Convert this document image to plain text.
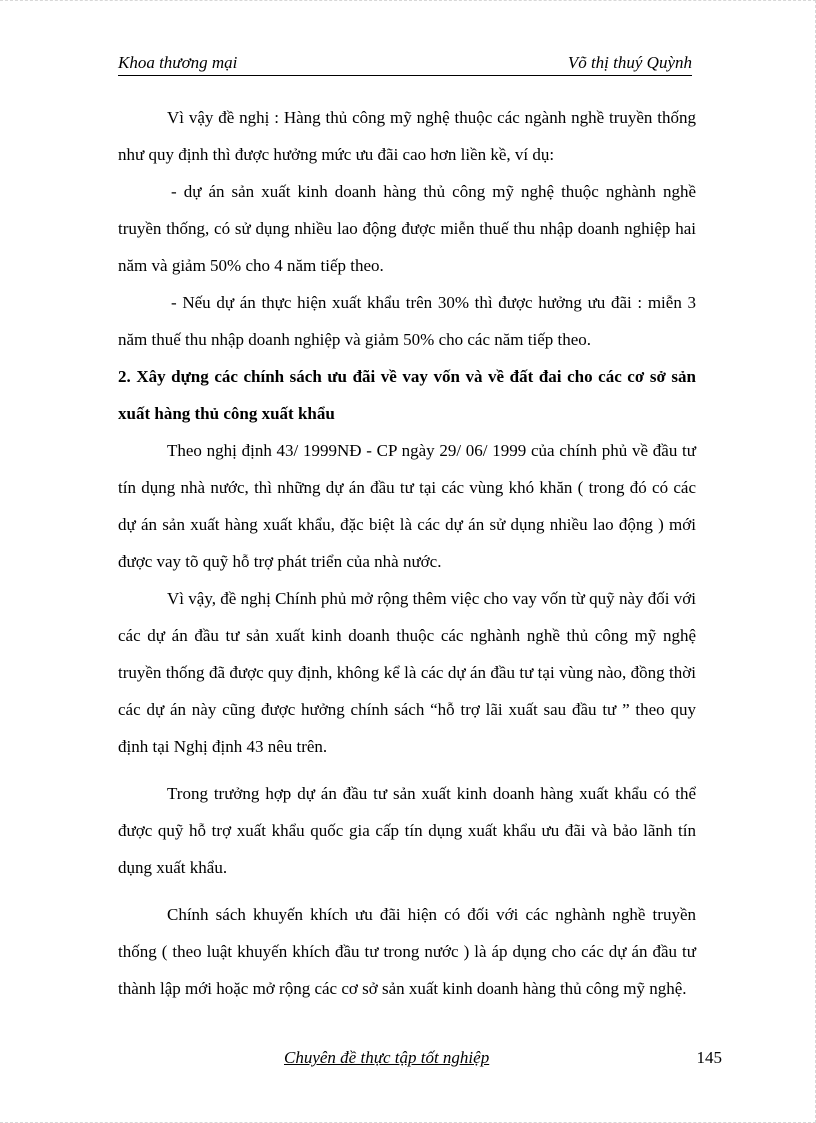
Khoa thương mại	Võ thị thuý Quỳnh

Vì vậy đề nghị : Hàng thủ công mỹ nghệ thuộc các ngành nghề truyền thống như quy định thì được hưởng mức ưu đãi cao hơn liền kề, ví dụ:

- dự án sản xuất kinh doanh hàng thủ công mỹ nghệ thuộc nghành nghề truyền thống, có sử dụng nhiều lao động được miễn thuế thu nhập doanh nghiệp hai năm và giảm 50% cho 4 năm tiếp theo.

- Nếu dự án thực hiện xuất khẩu trên 30% thì được hưởng ưu đãi : miễn 3 năm thuế thu nhập doanh nghiệp và giảm 50% cho các năm tiếp theo.

2. Xây dựng các chính sách ưu đãi về vay vốn và về đất đai cho các cơ sở sản xuất hàng thủ công xuất khẩu

Theo nghị định 43/ 1999NĐ - CP ngày 29/ 06/ 1999 của chính phủ về đầu tư tín dụng nhà nước, thì những dự án đầu tư tại các vùng khó khăn ( trong đó có các dự án sản xuất hàng xuất khẩu, đặc biệt là các dự án sử dụng nhiều lao động ) mới được vay tõ quỹ hỗ trợ phát triển của nhà nước.

Vì vậy, đề nghị Chính phủ mở rộng thêm việc cho vay vốn từ quỹ này đối với các dự án đầu tư sản xuất kinh doanh thuộc các nghành nghề thủ công mỹ nghệ truyền thống đã được quy định, không kể là các dự án đầu tư tại vùng nào, đồng thời các dự án này cũng được hưởng chính sách “hỗ trợ lãi xuất sau đầu tư ” theo quy định tại Nghị định 43 nêu trên.

Trong trưởng hợp dự án đầu tư sản xuất kinh doanh hàng xuất khẩu có thể được quỹ hỗ trợ xuất khẩu quốc gia cấp tín dụng xuất khẩu ưu đãi và bảo lãnh tín dụng xuất khẩu.

Chính sách khuyến khích ưu đãi hiện có đối với các nghành nghề truyền thống ( theo luật khuyến khích đầu tư trong nước ) là áp dụng cho các dự án đầu tư thành lập mới hoặc mở rộng các cơ sở sản xuất kinh doanh hàng thủ công mỹ nghệ.

Chuyên đề thực tập tốt nghiệp	145
